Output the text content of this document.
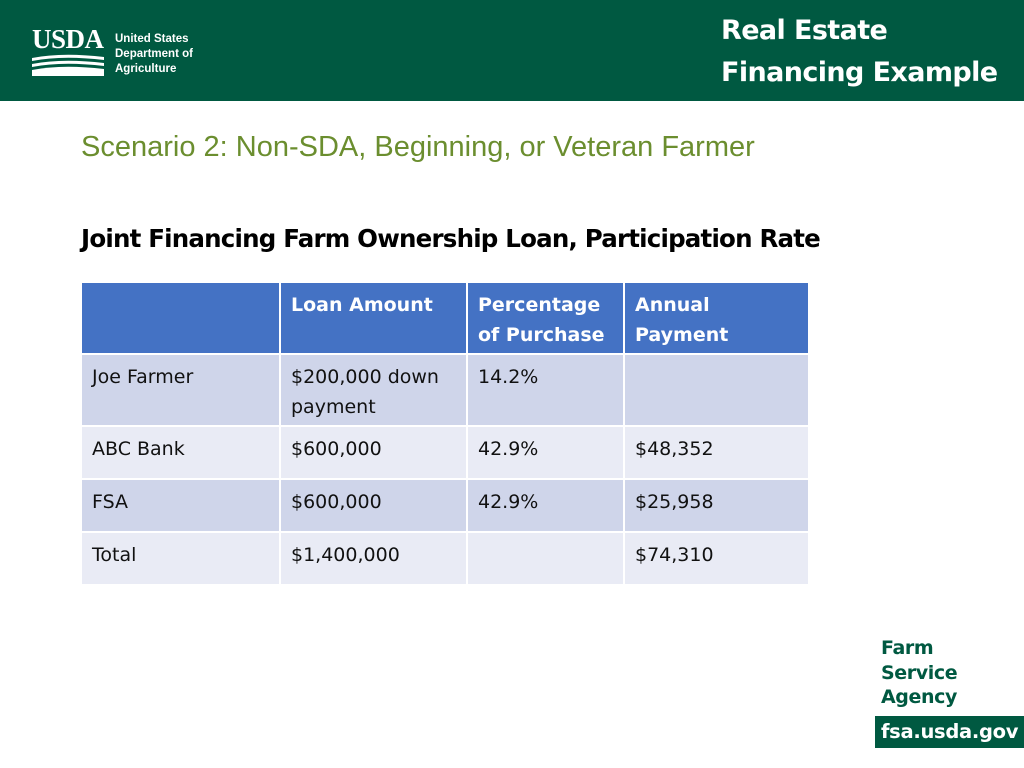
USDA United States
Department of
Agriculture
Real Estate
Financing Example
Scenario 2: Non-SDA, Beginning, or Veteran Farmer
Joint Financing Farm Ownership Loan, Participation Rate
	Loan Amount	Percentage of Purchase	Annual Payment
Joe Farmer	$200,000 down payment	14.2%	
ABC Bank	$600,000	42.9%	$48,352
FSA	$600,000	42.9%	$25,958
Total	$1,400,000		$74,310
Farm
Service
Agency
fsa.usda.gov
